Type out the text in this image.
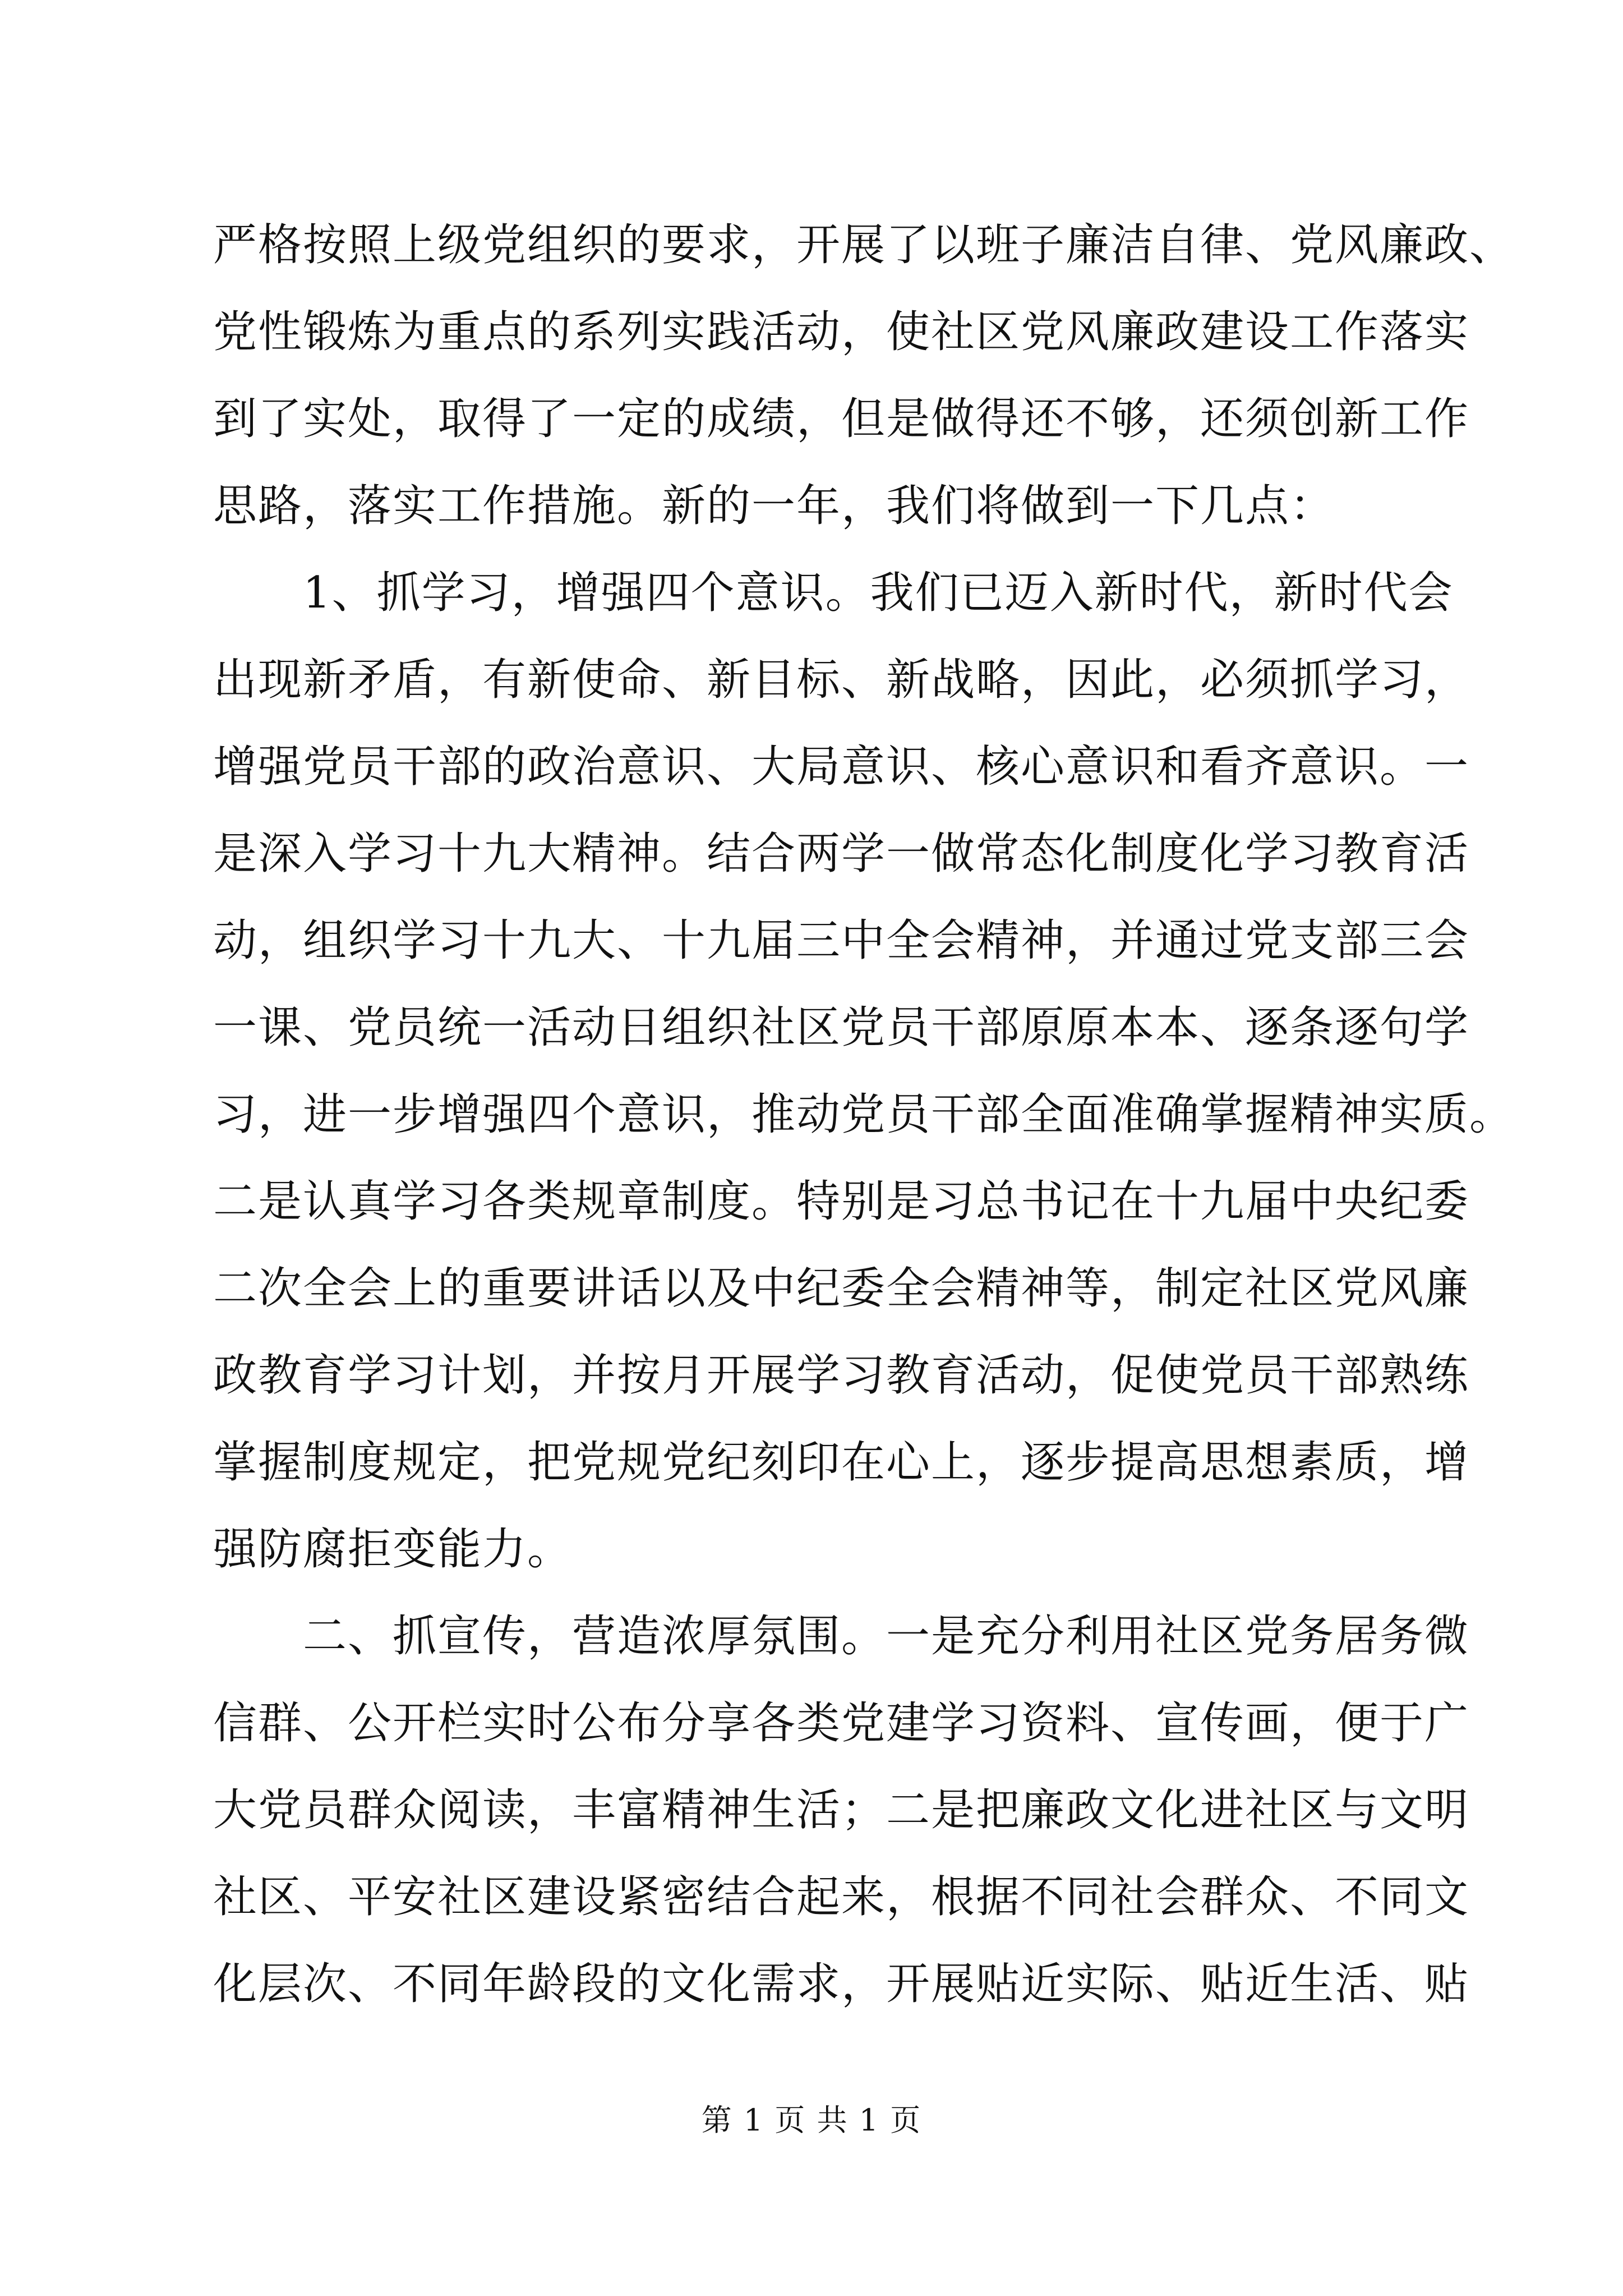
严格按照上级党组织的要求，开展了以班子廉洁自律、党风廉政、
党性锻炼为重点的系列实践活动，使社区党风廉政建设工作落实
到了实处，取得了一定的成绩，但是做得还不够，还须创新工作
思路，落实工作措施。新的一年，我们将做到一下几点：
1、抓学习，增强四个意识。我们已迈入新时代，新时代会
出现新矛盾，有新使命、新目标、新战略，因此，必须抓学习，
增强党员干部的政治意识、大局意识、核心意识和看齐意识。一
是深入学习十九大精神。结合两学一做常态化制度化学习教育活
动，组织学习十九大、十九届三中全会精神，并通过党支部三会
一课、党员统一活动日组织社区党员干部原原本本、逐条逐句学
习，进一步增强四个意识，推动党员干部全面准确掌握精神实质。
二是认真学习各类规章制度。特别是习总书记在十九届中央纪委
二次全会上的重要讲话以及中纪委全会精神等，制定社区党风廉
政教育学习计划，并按月开展学习教育活动，促使党员干部熟练
掌握制度规定，把党规党纪刻印在心上，逐步提高思想素质，增
强防腐拒变能力。
二、抓宣传，营造浓厚氛围。一是充分利用社区党务居务微
信群、公开栏实时公布分享各类党建学习资料、宣传画，便于广
大党员群众阅读，丰富精神生活；二是把廉政文化进社区与文明
社区、平安社区建设紧密结合起来，根据不同社会群众、不同文
化层次、不同年龄段的文化需求，开展贴近实际、贴近生活、贴
第 1 页 共 1 页
